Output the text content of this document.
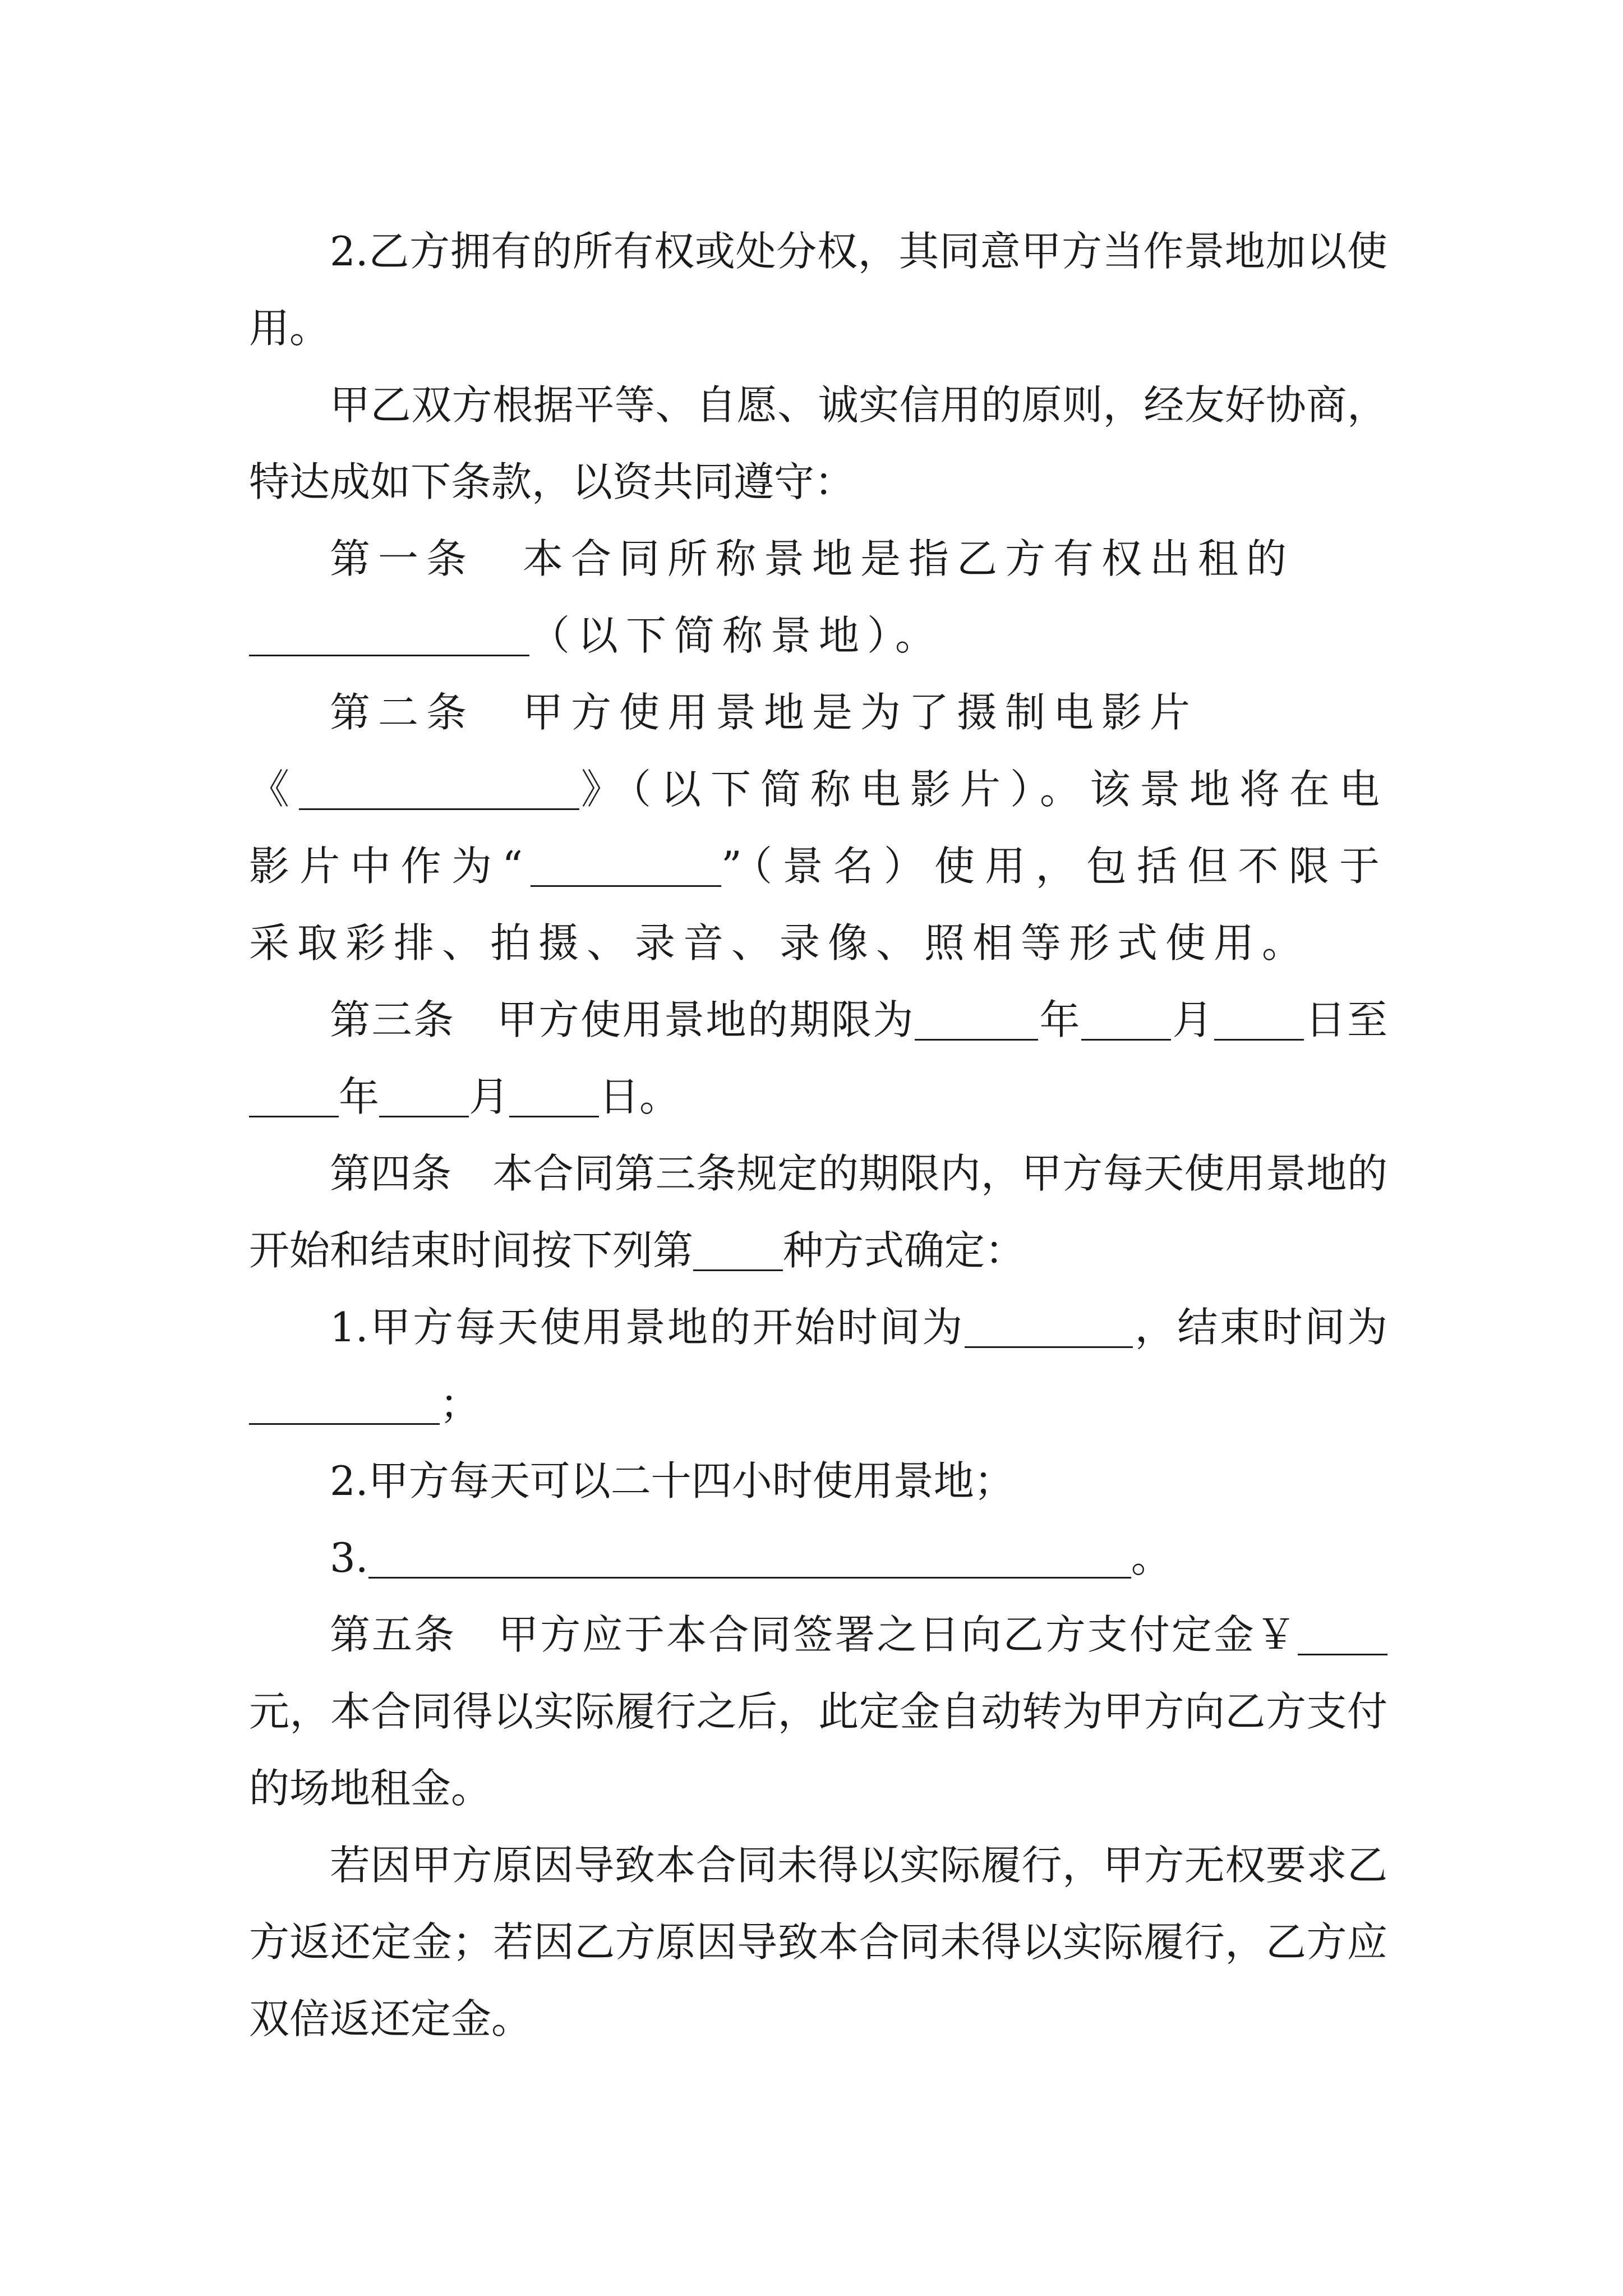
2.乙方拥有的所有权或处分权，其同意甲方当作景地加以使用。

甲乙双方根据平等、自愿、诚实信用的原则，经友好协商，特达成如下条款，以资共同遵守：

第一条　本合同所称景地是指乙方有权出租的
（以下简称景地）。

第二条　甲方使用景地是为了摄制电影片
《	》（以下简称电影片）。该景地将在电影片中作为“	”（景名）使用，包括但不限于采取彩排、拍摄、录音、录像、照相等形式使用。

第三条　甲方使用景地的期限为	年 月 日至年 月 日。

第四条　本合同第三条规定的期限内，甲方每天使用景地的开始和结束时间按下列第 种方式确定：

1.甲方每天使用景地的开始时间为	，结束时间为；

2.甲方每天可以二十四小时使用景地；

3.	。

第五条　甲方应于本合同签署之日向乙方支付定金￥元，本合同得以实际履行之后，此定金自动转为甲方向乙方支付的场地租金。

若因甲方原因导致本合同未得以实际履行，甲方无权要求乙方返还定金；若因乙方原因导致本合同未得以实际履行，乙方应双倍返还定金。
